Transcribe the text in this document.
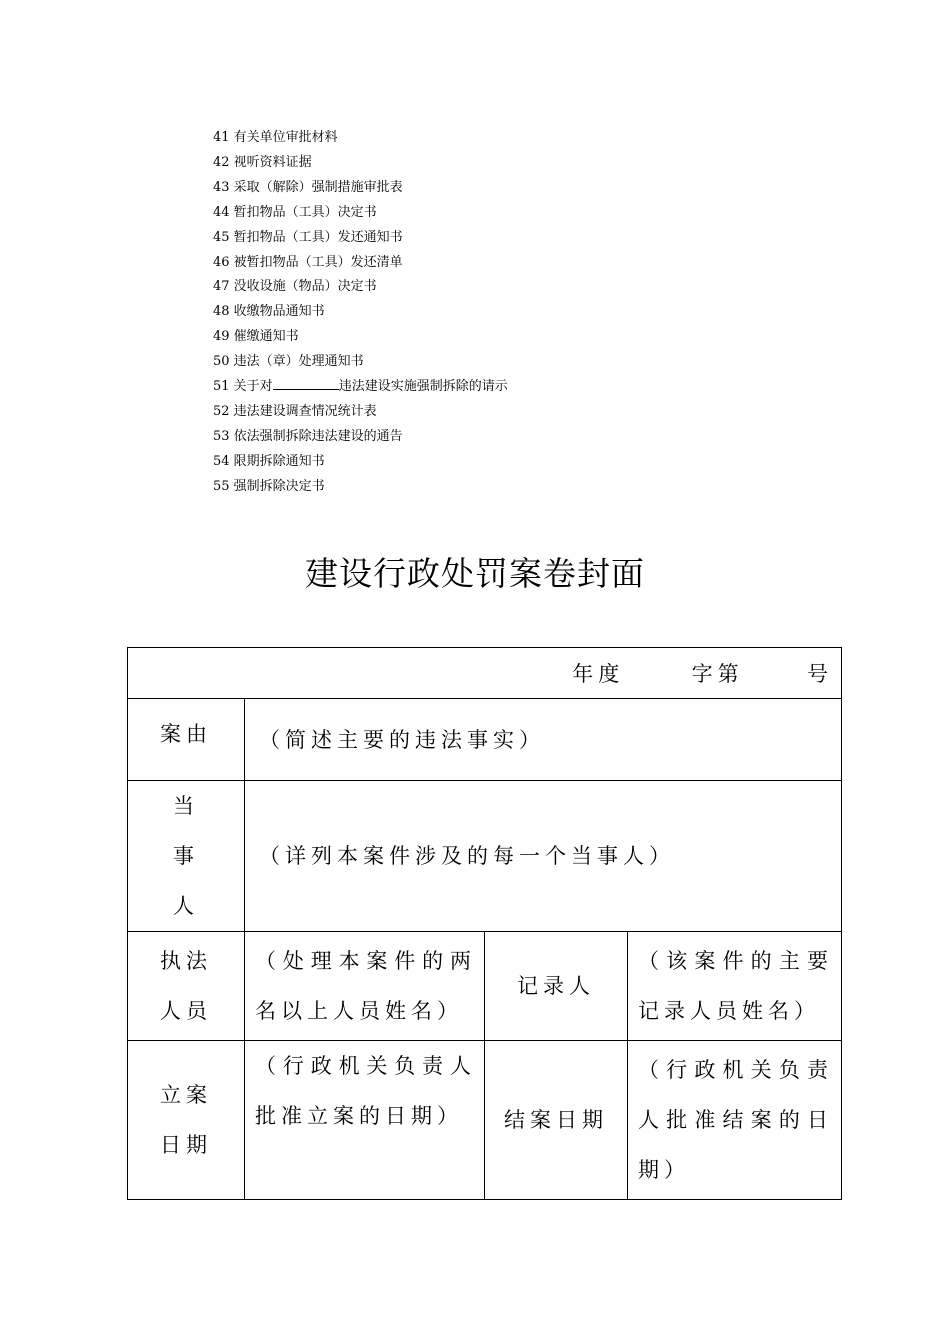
41 有关单位审批材料
42 视听资料证据
43 采取（解除）强制措施审批表
44 暂扣物品（工具）决定书
45 暂扣物品（工具）发还通知书
46 被暂扣物品（工具）发还清单
47 没收设施（物品）决定书
48 收缴物品通知书
49 催缴通知书
50 违法（章）处理通知书
51 关于对	违法建设实施强制拆除的请示
52 违法建设调查情况统计表
53 依法强制拆除违法建设的通告
54 限期拆除通知书
55 强制拆除决定书
建设行政处罚案卷封面
年度 字第 号			
案由	（简述主要的违法事实）		

当
事
人	（详列本案件涉及的每一个当事人）		

执法
人员	（处理本案件的两名以上人员姓名）	记录人	（该案件的主要记录人员姓名）

立案
日期	（行政机关负责人批准立案的日期）	结案日期	（行政机关负责人批准结案的日期）
